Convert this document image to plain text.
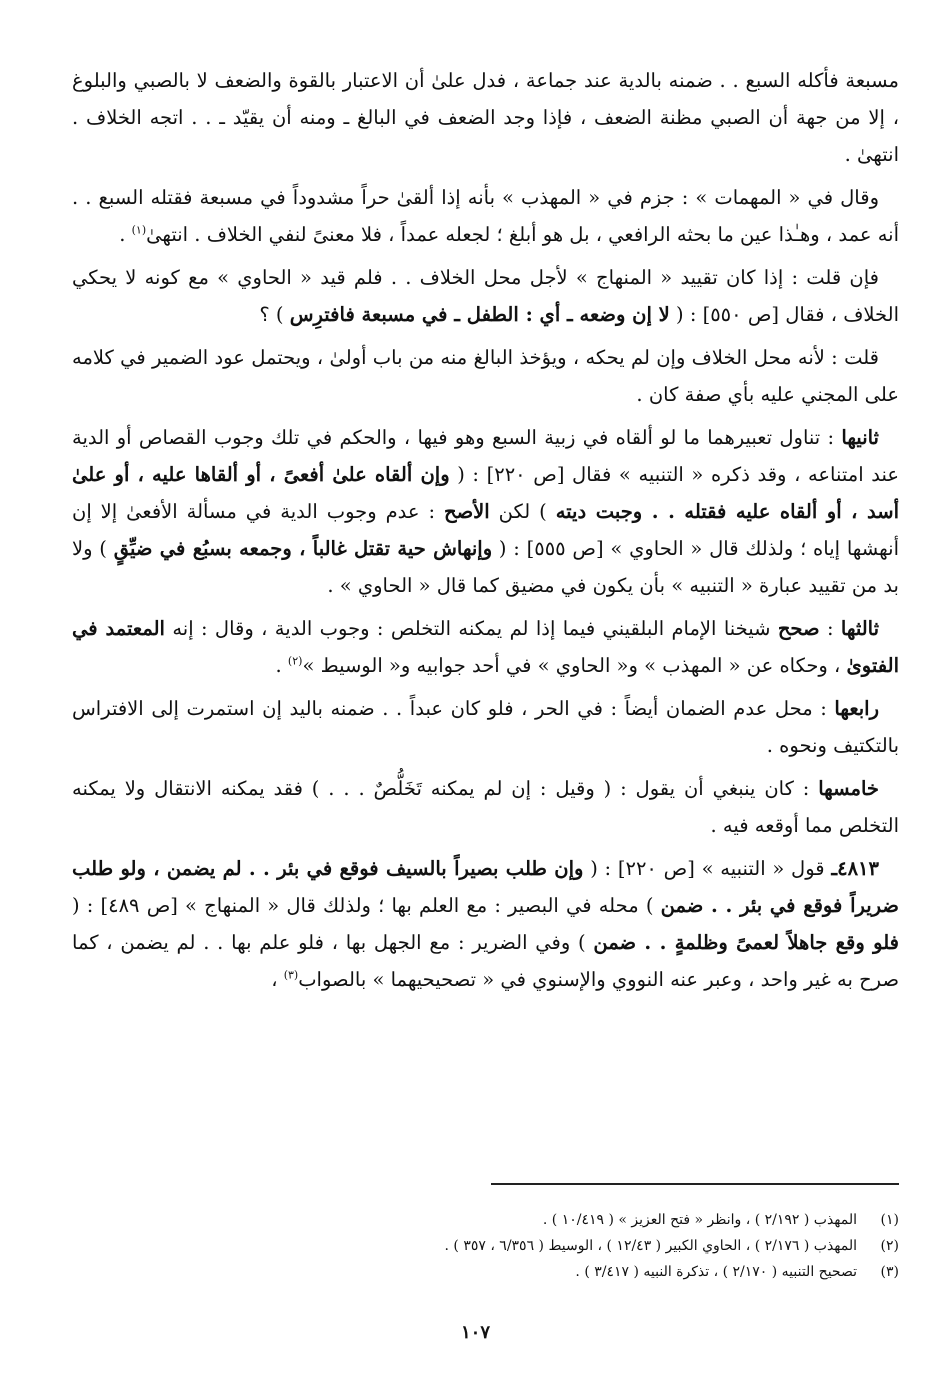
مسبعة فأكله السبع . . ضمنه بالدية عند جماعة ، فدل علىٰ أن الاعتبار بالقوة والضعف لا بالصبي والبلوغ ، إلا من جهة أن الصبي مظنة الضعف ، فإذا وجد الضعف في البالغ ـ ومنه أن يقيّد ـ . . اتجه الخلاف . انتهىٰ .

وقال في « المهمات » : جزم في « المهذب » بأنه إذا ألقىٰ حراً مشدوداً في مسبعة فقتله السبع . . أنه عمد ، وهـٰذا عين ما بحثه الرافعي ، بل هو أبلغ ؛ لجعله عمداً ، فلا معنىً لنفي الخلاف . انتهىٰ$^{(١)}$ .

فإن قلت : إذا كان تقييد « المنهاج » لأجل محل الخلاف . . فلم قيد « الحاوي » مع كونه لا يحكي الخلاف ، فقال [ص ٥٥٠] : ( لا إن وضعه ـ أي : الطفل ـ في مسبعة فافترِس ) ؟

قلت : لأنه محل الخلاف وإن لم يحكه ، ويؤخذ البالغ منه من باب أولىٰ ، ويحتمل عود الضمير في كلامه على المجني عليه بأي صفة كان .

ثانيها : تناول تعبيرهما ما لو ألقاه في زبية السبع وهو فيها ، والحكم في تلك وجوب القصاص أو الدية عند امتناعه ، وقد ذكره « التنبيه » فقال [ص ٢٢٠] : ( وإن ألقاه علىٰ أفعىً ، أو ألقاها عليه ، أو علىٰ أسد ، أو ألقاه عليه فقتله . . وجبت ديته ) لكن الأصح : عدم وجوب الدية في مسألة الأفعىٰ إلا إن أنهشها إياه ؛ ولذلك قال « الحاوي » [ص ٥٥٥] : ( وإنهاش حية تقتل غالباً ، وجمعه بسبُع في ضيِّقٍ ) ولا بد من تقييد عبارة « التنبيه » بأن يكون في مضيق كما قال « الحاوي » .

ثالثها : صحح شيخنا الإمام البلقيني فيما إذا لم يمكنه التخلص : وجوب الدية ، وقال : إنه المعتمد في الفتوىٰ ، وحكاه عن « المهذب » و« الحاوي » في أحد جوابيه و« الوسيط »$^{(٢)}$ .

رابعها : محل عدم الضمان أيضاً : في الحر ، فلو كان عبداً . . ضمنه باليد إن استمرت إلى الافتراس بالتكتيف ونحوه .

خامسها : كان ينبغي أن يقول : ( وقيل : إن لم يمكنه تَخَلُّصٌ . . . ) فقد يمكنه الانتقال ولا يمكنه التخلص مما أوقعه فيه .

٤٨١٣ـ قول « التنبيه » [ص ٢٢٠] : ( وإن طلب بصيراً بالسيف فوقع في بئر . . لم يضمن ، ولو طلب ضريراً فوقع في بئر . . ضمن ) محله في البصير : مع العلم بها ؛ ولذلك قال « المنهاج » [ص ٤٨٩] : ( فلو وقع جاهلاً لعمىً وظلمةٍ . . ضمن ) وفي الضرير : مع الجهل بها ، فلو علم بها . . لم يضمن ، كما صرح به غير واحد ، وعبر عنه النووي والإسنوي في « تصحيحيهما » بالصواب$^{(٣)}$ ،

(١)
المهذب ( ٢/١٩٢ ) ، وانظر « فتح العزيز » ( ١٠/٤١٩ ) .
(٢)
المهذب ( ٢/١٧٦ ) ، الحاوي الكبير ( ١٢/٤٣ ) ، الوسيط ( ٦/٣٥٦ ، ٣٥٧ ) .
(٣)
تصحيح التنبيه ( ٢/١٧٠ ) ، تذكرة النبيه ( ٣/٤١٧ ) .
١٠٧
